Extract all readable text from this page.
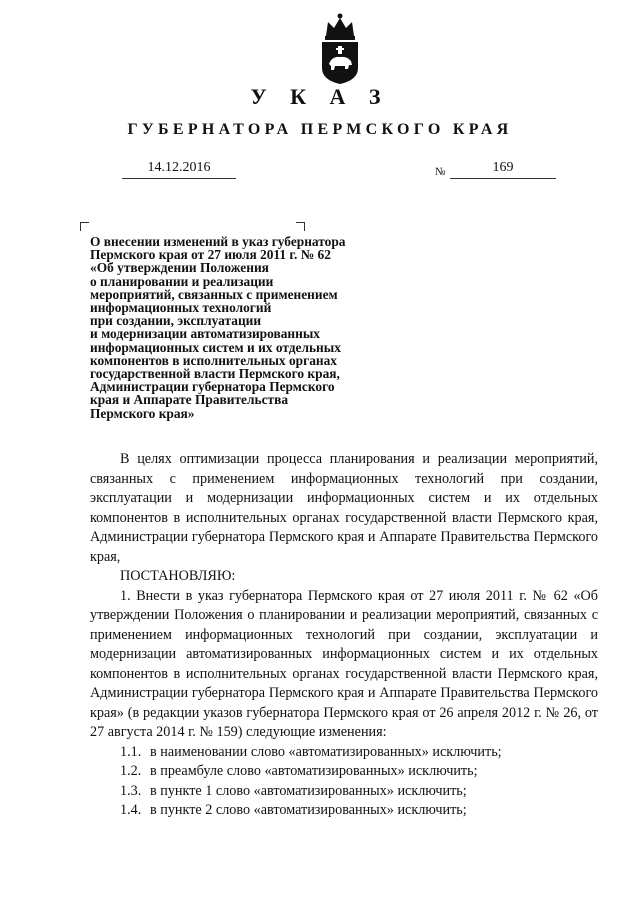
У К А З
ГУБЕРНАТОРА ПЕРМСКОГО КРАЯ
14.12.2016	№	169
О внесении изменений в указ губернатора
Пермского края от 27 июля 2011 г. № 62
«Об утверждении Положения
о планировании и реализации
мероприятий, связанных с применением
информационных технологий
при создании, эксплуатации
и модернизации автоматизированных
информационных систем и их отдельных
компонентов в исполнительных органах
государственной власти Пермского края,
Администрации губернатора Пермского
края и Аппарате Правительства
Пермского края»

В целях оптимизации процесса планирования и реализации мероприятий, связанных с применением информационных технологий при создании, эксплуатации и модернизации информационных систем и их отдельных компонентов в исполнительных органах государственной власти Пермского края, Администрации губернатора Пермского края и Аппарате Правительства Пермского края,

ПОСТАНОВЛЯЮ:

1. Внести в указ губернатора Пермского края от 27 июля 2011 г. № 62 «Об утверждении Положения о планировании и реализации мероприятий, связанных с применением информационных технологий при создании, эксплуатации и модернизации автоматизированных информационных систем и их отдельных компонентов в исполнительных органах государственной власти Пермского края, Администрации губернатора Пермского края и Аппарате Правительства Пермского края» (в редакции указов губернатора Пермского края от 26 апреля 2012 г. № 26, от 27 августа 2014 г. № 159) следующие изменения:

1.1. в наименовании слово «автоматизированных» исключить;
1.2. в преамбуле слово «автоматизированных» исключить;
1.3. в пункте 1 слово «автоматизированных» исключить;
1.4. в пункте 2 слово «автоматизированных» исключить;
